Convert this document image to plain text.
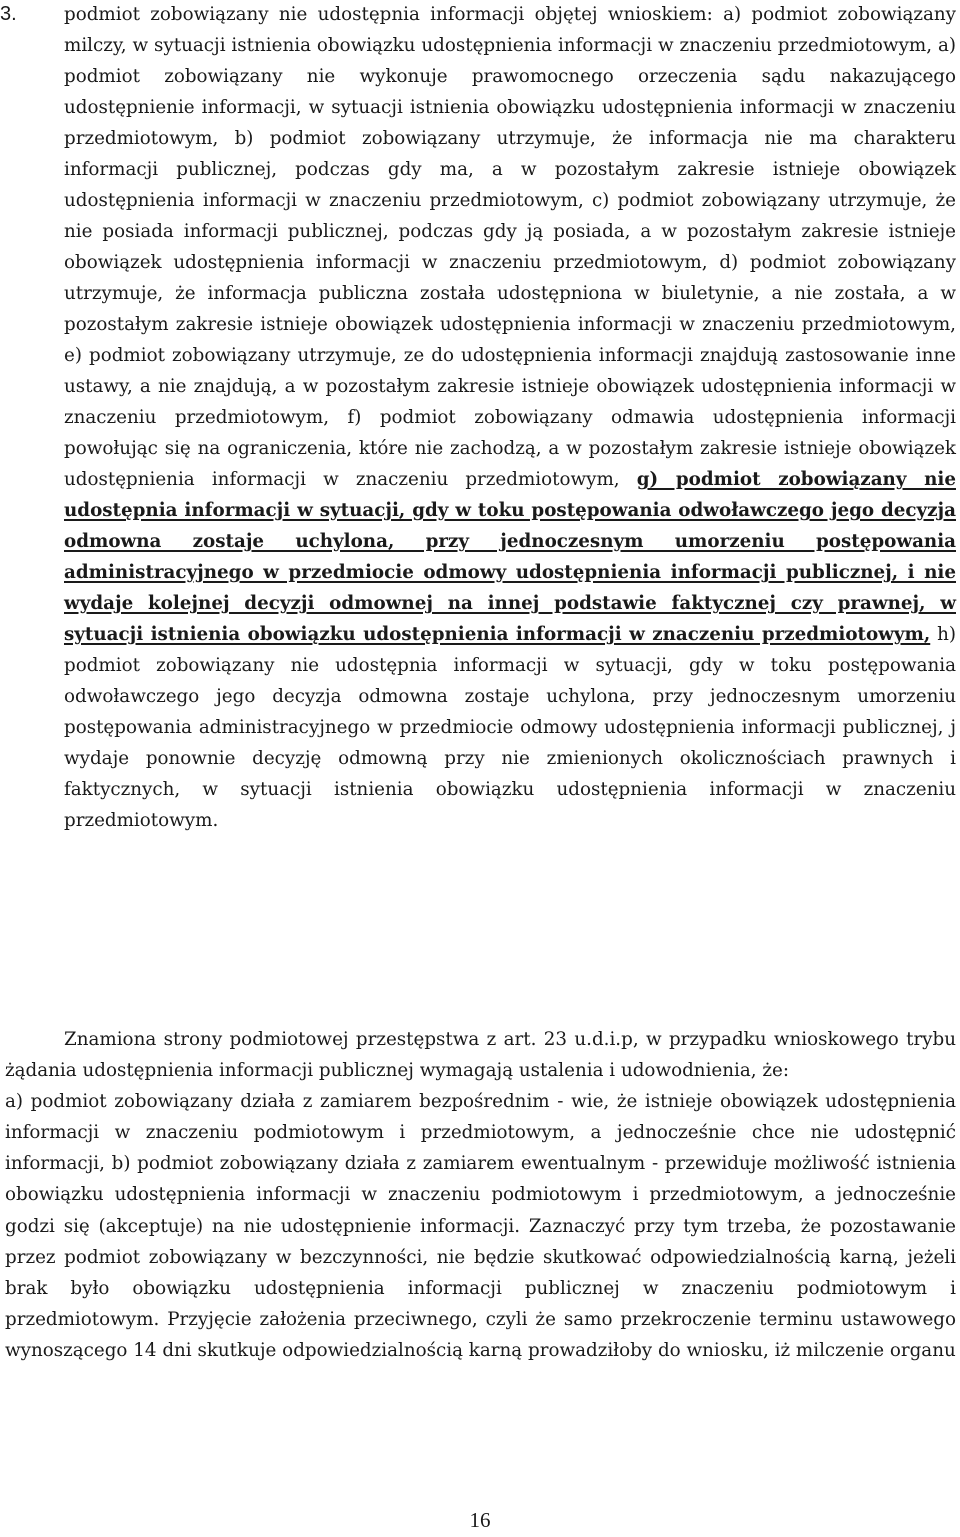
3.	podmiot zobowiązany nie udostępnia informacji objętej wnioskiem: a) podmiot zobowiązany milczy, w sytuacji istnienia obowiązku udostępnienia informacji w znaczeniu przedmiotowym, a) podmiot zobowiązany nie wykonuje prawomocnego orzeczenia sądu nakazującego udostępnienie informacji, w sytuacji istnienia obowiązku udostępnienia informacji w znaczeniu przedmiotowym, b) podmiot zobowiązany utrzymuje, że informacja nie ma charakteru informacji publicznej, podczas gdy ma, a w pozostałym zakresie istnieje obowiązek udostępnienia informacji w znaczeniu przedmiotowym, c) podmiot zobowiązany utrzymuje, że nie posiada informacji publicznej, podczas gdy ją posiada, a w pozostałym zakresie istnieje obowiązek udostępnienia informacji w znaczeniu przedmiotowym, d) podmiot zobowiązany utrzymuje, że informacja publiczna została udostępniona w biuletynie, a nie została, a w pozostałym zakresie istnieje obowiązek udostępnienia informacji w znaczeniu przedmiotowym, e) podmiot zobowiązany utrzymuje, ze do udostępnienia informacji znajdują zastosowanie inne ustawy, a nie znajdują, a w pozostałym zakresie istnieje obowiązek udostępnienia informacji w znaczeniu przedmiotowym, f) podmiot zobowiązany odmawia udostępnienia informacji powołując się na ograniczenia, które nie zachodzą, a w pozostałym zakresie istnieje obowiązek udostępnienia informacji w znaczeniu przedmiotowym, g) podmiot zobowiązany nie udostępnia informacji w sytuacji, gdy w toku postępowania odwoławczego jego decyzja odmowna zostaje uchylona, przy jednoczesnym umorzeniu postępowania administracyjnego w przedmiocie odmowy udostępnienia informacji publicznej, i nie wydaje kolejnej decyzji odmownej na innej podstawie faktycznej czy prawnej, w sytuacji istnienia obowiązku udostępnienia informacji w znaczeniu przedmiotowym, h) podmiot zobowiązany nie udostępnia informacji w sytuacji, gdy w toku postępowania odwoławczego jego decyzja odmowna zostaje uchylona, przy jednoczesnym umorzeniu postępowania administracyjnego w przedmiocie odmowy udostępnienia informacji publicznej, j wydaje ponownie decyzję odmowną przy nie zmienionych okolicznościach prawnych i faktycznych, w sytuacji istnienia obowiązku udostępnienia informacji w znaczeniu przedmiotowym.

Znamiona strony podmiotowej przestępstwa z art. 23 u.d.i.p, w przypadku wnioskowego trybu żądania udostępnienia informacji publicznej wymagają ustalenia i udowodnienia, że:
a) podmiot zobowiązany działa z zamiarem bezpośrednim - wie, że istnieje obowiązek udostępnienia informacji w znaczeniu podmiotowym i przedmiotowym, a jednocześnie chce nie udostępnić informacji, b) podmiot zobowiązany działa z zamiarem ewentualnym - przewiduje możliwość istnienia obowiązku udostępnienia informacji w znaczeniu podmiotowym i przedmiotowym, a jednocześnie godzi się (akceptuje) na nie udostępnienie informacji. Zaznaczyć przy tym trzeba, że pozostawanie przez podmiot zobowiązany w bezczynności, nie będzie skutkować odpowiedzialnością karną, jeżeli brak było obowiązku udostępnienia informacji publicznej w znaczeniu podmiotowym i przedmiotowym. Przyjęcie założenia przeciwnego, czyli że samo przekroczenie terminu ustawowego wynoszącego 14 dni skutkuje odpowiedzialnością karną prowadziłoby do wniosku, iż milczenie organu

16
